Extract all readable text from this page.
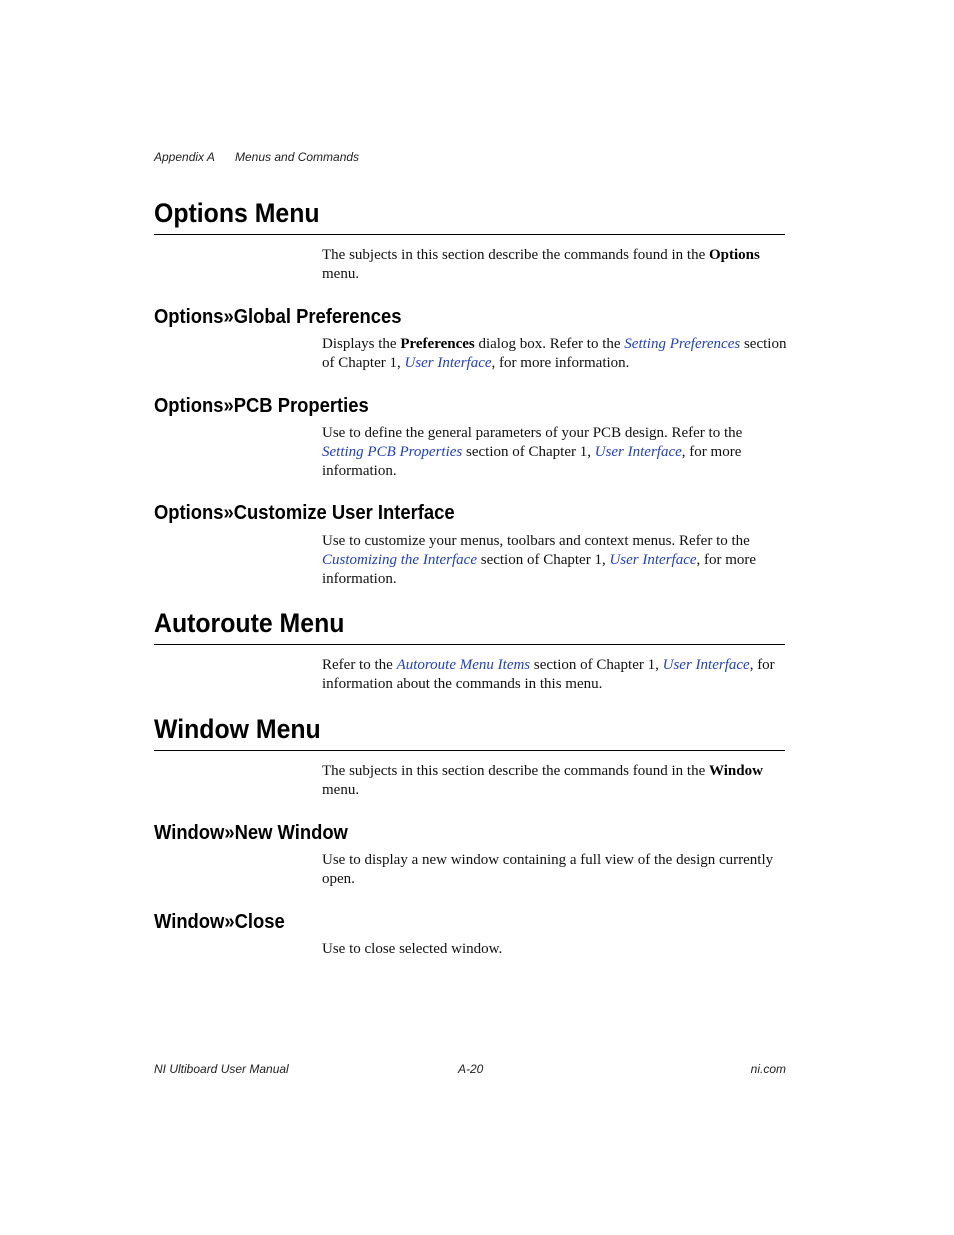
Appendix A Menus and Commands
Options Menu
The subjects in this section describe the commands found in the Options menu.
Options»Global Preferences
Displays the Preferences dialog box. Refer to the Setting Preferences section of Chapter 1, User Interface, for more information.
Options»PCB Properties
Use to define the general parameters of your PCB design. Refer to the Setting PCB Properties section of Chapter 1, User Interface, for more information.
Options»Customize User Interface
Use to customize your menus, toolbars and context menus. Refer to the Customizing the Interface section of Chapter 1, User Interface, for more information.
Autoroute Menu
Refer to the Autoroute Menu Items section of Chapter 1, User Interface, for information about the commands in this menu.
Window Menu
The subjects in this section describe the commands found in the Window menu.
Window»New Window
Use to display a new window containing a full view of the design currently open.
Window»Close
Use to close selected window.
NI Ultiboard User Manual	A-20	ni.com
